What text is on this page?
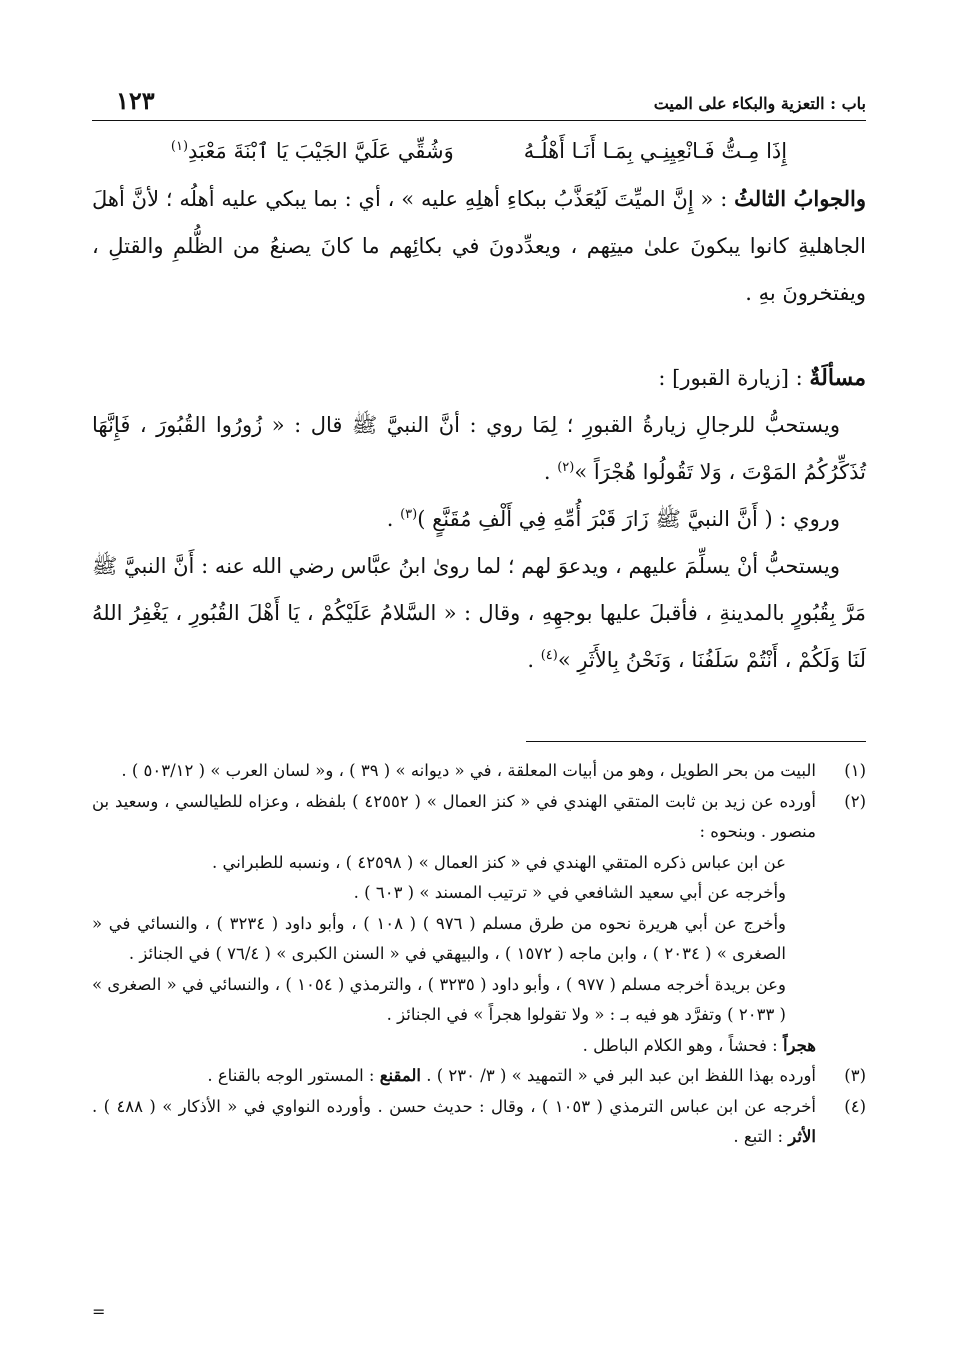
باب : التعزية والبكاء على الميت
١٢٣
إِذَا مِـتُّ فَـانْعِيِنِـي بِمَـا أَنَـا أَهْلُـهُوَشُقِّي عَلَيَّ الجَيْبَ يَا ٱبْنَةَ مَعْبَدِ$^{(١)}$

والجوابُ الثالثُ : « إِنَّ الميِّتَ لَيُعَذَّبُ ببكاءِ أهلِهِ عليه » ، أي : بما يبكي عليه أهلُه ؛ لأنَّ أهلَ الجاهليةِ كانوا يبكونَ علىٰ ميتِهم ، ويعدِّدونَ في بكائِهم ما كانَ يصنعُ من الظُّلمِ والقتلِ ، ويفتخرونَ بهِ .

مسألَةٌ : [زيارة القبور] :

ويستحبُّ للرجالِ زيارةُ القبورِ ؛ لِمَا روي : أنَّ النبيَّ ﷺ قال : « زُورُوا القُبُورَ ، فَإِنَّهَا تُذَكِّرُكُمُ المَوْتَ ، وَلا تَقُولُوا هُجْرَاً »$^{(٢)}$ .

وروي : ( أَنَّ النبيَّ ﷺ زَارَ قَبْرَ أُمِّهِ فِي أَلْفِ مُقَنَّعٍ )$^{(٣)}$ .

ويستحبُّ أنْ يسلِّمَ عليهم ، ويدعوَ لهم ؛ لما روىٰ ابنُ عبَّاس رضي الله عنه : أَنَّ النبيَّ ﷺ مَرَّ بِقُبُورٍ بالمدينةِ ، فأقبلَ عليها بوجهِهِ ، وقال : « السَّلامُ عَلَيْكُمْ ، يَا أَهْلَ القُبُورِ ، يَغْفِرُ اللهُ لَنَا وَلَكُمْ ، أَنْتُمْ سَلَفُنَا ، وَنَحْنُ بِالأَثَرِ »$^{(٤)}$ .

(١)
البيت من بحر الطويل ، وهو من أبيات المعلقة ، في « ديوانه » ( ٣٩ ) ، و« لسان العرب » ( ٥٠٣/١٢ ) .
(٢)
أورده عن زيد بن ثابت المتقي الهندي في « كنز العمال » ( ٤٢٥٥٢ ) بلفظه ، وعزاه للطيالسي ، وسعيد بن منصور . وبنحوه :
عن ابن عباس ذكره المتقي الهندي في « كنز العمال » ( ٤٢٥٩٨ ) ، ونسبه للطبراني .
وأخرجه عن أبي سعيد الشافعي في « ترتيب المسند » ( ٦٠٣ ) .
وأخرج عن أبي هريرة نحوه من طرق مسلم ( ٩٧٦ ) ( ١٠٨ ) ، وأبو داود ( ٣٢٣٤ ) ، والنسائي في « الصغرى » ( ٢٠٣٤ ) ، وابن ماجه ( ١٥٧٢ ) ، والبيهقي في « السنن الكبرى » ( ٧٦/٤ ) في الجنائز .
وعن بريدة أخرجه مسلم ( ٩٧٧ ) ، وأبو داود ( ٣٢٣٥ ) ، والترمذي ( ١٠٥٤ ) ، والنسائي في « الصغرى » ( ٢٠٣٣ ) وتفرَّد هو فيه بـ : « ولا تقولوا هجراً » في الجنائز .
هجراً : فحشاً ، وهو الكلام الباطل .
(٣)
أورده بهذا اللفظ ابن عبد البر في « التمهيد » ( ٣/ ٢٣٠ ) . المقنع : المستور الوجه بالقناع .
(٤)
أخرجه عن ابن عباس الترمذي ( ١٠٥٣ ) ، وقال : حديث حسن . وأورده النواوي في « الأذكار » ( ٤٨٨ ) . الأثر : التبع .
=
